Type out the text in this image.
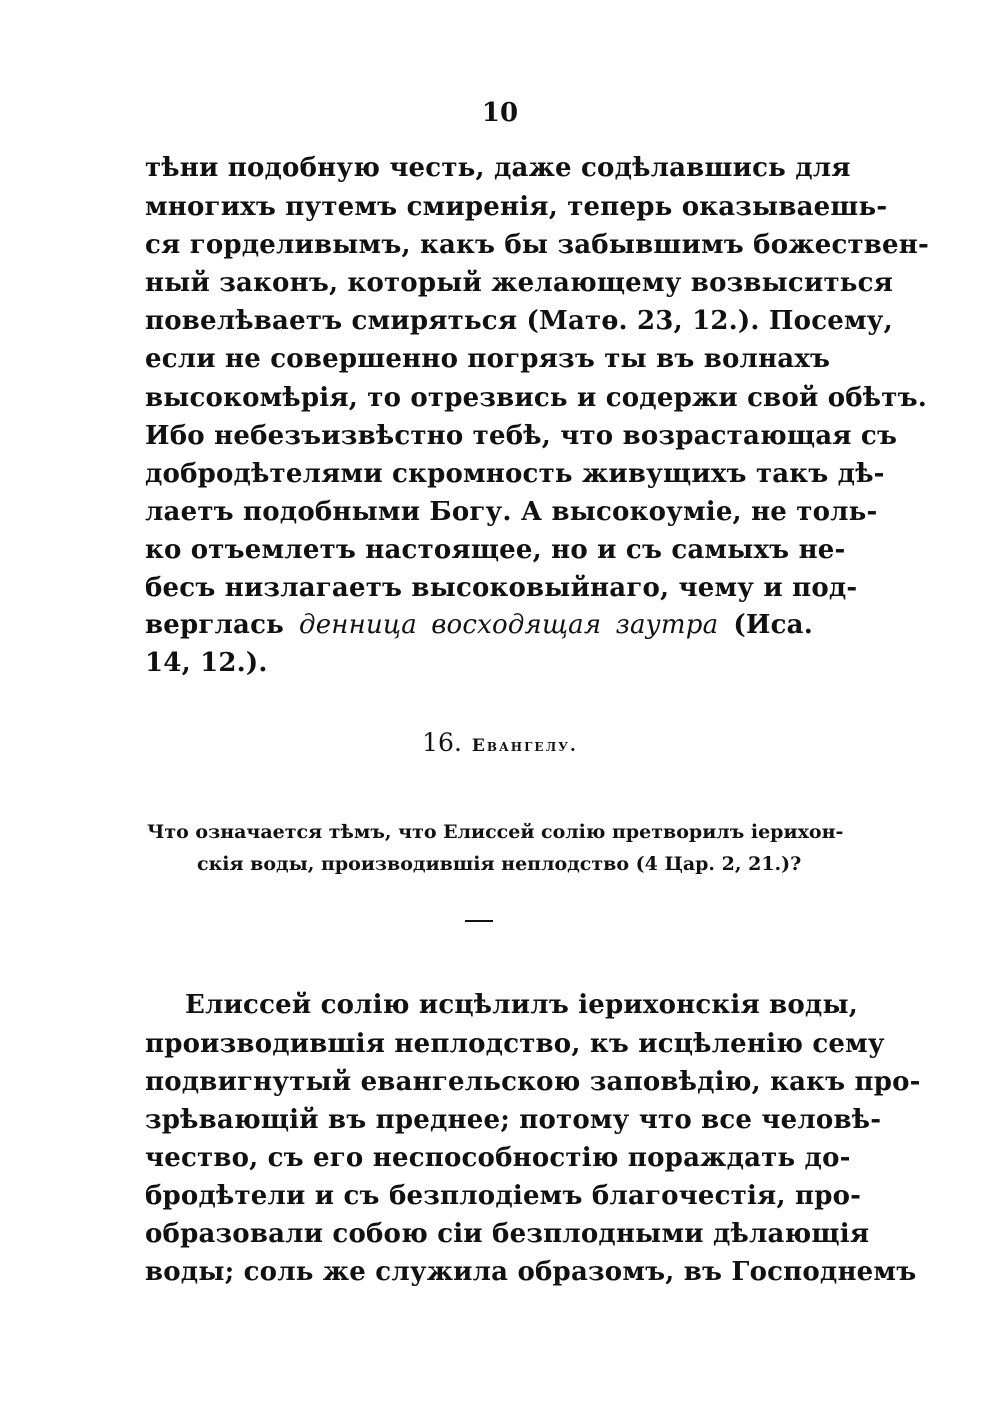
10
тѣни подобную честь, даже содѣлавшись для
многихъ путемъ смиренія, теперь оказываешь-
ся горделивымъ, какъ бы забывшимъ божествен-
ный законъ, который желающему возвыситься
повелѣваетъ смиряться (Матѳ. 23, 12.). Посему,
если не совершенно погрязъ ты въ волнахъ
высокомѣрія, то отрезвись и содержи свой обѣтъ.
Ибо небезъизвѣстно тебѣ, что возрастающая съ
добродѣтелями скромность живущихъ такъ дѣ-
лаетъ подобными Богу. А высокоуміе, не толь-
ко отъемлетъ настоящее, но и съ самыхъ не-
бесъ низлагаетъ высоковыйнаго, чему и под-
верглась денница восходящая заутра (Иса.
14, 12.).
16. Евангелу.
Что означается тѣмъ, что Елиссей солію претворилъ іерихон-
скія воды, производившія неплодство (4 Цар. 2, 21.)?
Елиссей солію исцѣлилъ іерихонскія воды,
производившія неплодство, къ исцѣленію сему
подвигнутый евангельскою заповѣдію, какъ про-
зрѣвающій въ преднее; потому что все человѣ-
чество, съ его неспособностію пораждать до-
бродѣтели и съ безплодіемъ благочестія, про-
образовали собою сіи безплодными дѣлающія
воды; соль же служила образомъ, въ Господнемъ
